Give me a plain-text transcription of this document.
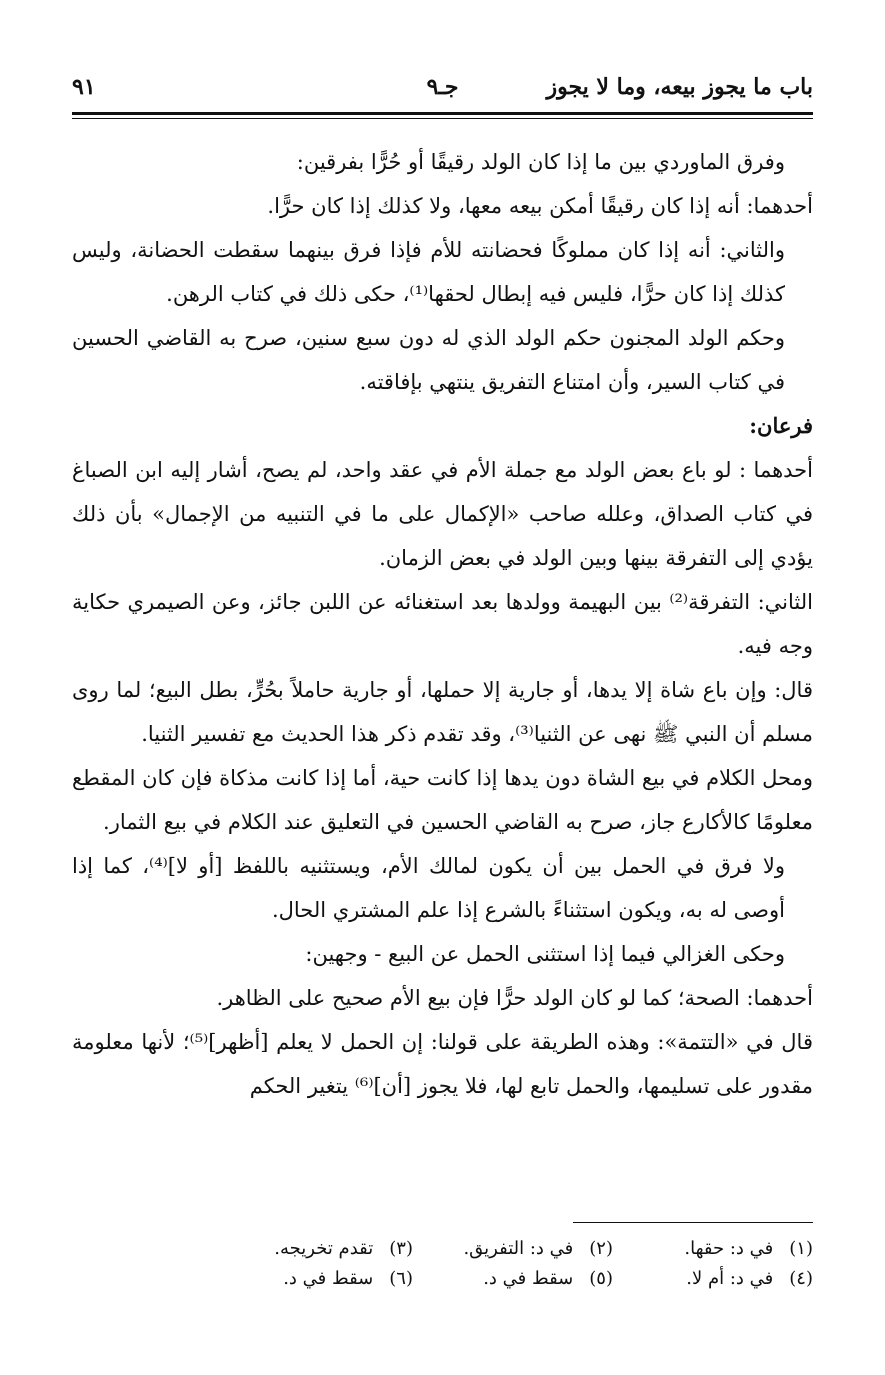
باب ما يجوز بيعه، وما لا يجوز
جـ٩
٩١

وفرق الماوردي بين ما إذا كان الولد رقيقًا أو حُرًّا بفرقين:

أحدهما: أنه إذا كان رقيقًا أمكن بيعه معها، ولا كذلك إذا كان حرًّا.

والثاني: أنه إذا كان مملوكًا فحضانته للأم فإذا فرق بينهما سقطت الحضانة، وليس كذلك إذا كان حرًّا، فليس فيه إبطال لحقها⁽¹⁾، حكى ذلك في كتاب الرهن.

وحكم الولد المجنون حكم الولد الذي له دون سبع سنين، صرح به القاضي الحسين في كتاب السير، وأن امتناع التفريق ينتهي بإفاقته.

فرعان:

أحدهما : لو باع بعض الولد مع جملة الأم في عقد واحد، لم يصح، أشار إليه ابن الصباغ في كتاب الصداق، وعلله صاحب «الإكمال على ما في التنبيه من الإجمال» بأن ذلك يؤدي إلى التفرقة بينها وبين الولد في بعض الزمان.

الثاني: التفرقة⁽²⁾ بين البهيمة وولدها بعد استغنائه عن اللبن جائز، وعن الصيمري حكاية وجه فيه.

قال: وإن باع شاة إلا يدها، أو جارية إلا حملها، أو جارية حاملاً بحُرٍّ، بطل البيع؛ لما روى مسلم أن النبي ﷺ نهى عن الثنيا⁽³⁾، وقد تقدم ذكر هذا الحديث مع تفسير الثنيا.

ومحل الكلام في بيع الشاة دون يدها إذا كانت حية، أما إذا كانت مذكاة فإن كان المقطع معلومًا كالأكارع جاز، صرح به القاضي الحسين في التعليق عند الكلام في بيع الثمار.

ولا فرق في الحمل بين أن يكون لمالك الأم، ويستثنيه باللفظ [أو لا]⁽⁴⁾، كما إذا أوصى له به، ويكون استثناءً بالشرع إذا علم المشتري الحال.

وحكى الغزالي فيما إذا استثنى الحمل عن البيع - وجهين:

أحدهما: الصحة؛ كما لو كان الولد حرًّا فإن بيع الأم صحيح على الظاهر.

قال في «التتمة»: وهذه الطريقة على قولنا: إن الحمل لا يعلم [أظهر]⁽⁵⁾؛ لأنها معلومة مقدور على تسليمها، والحمل تابع لها، فلا يجوز [أن]⁽⁶⁾ يتغير الحكم

(١) في د: حقها.
(٢) في د: التفريق.
(٣) تقدم تخريجه.
(٤) في د: أم لا.
(٥) سقط في د.
(٦) سقط في د.
